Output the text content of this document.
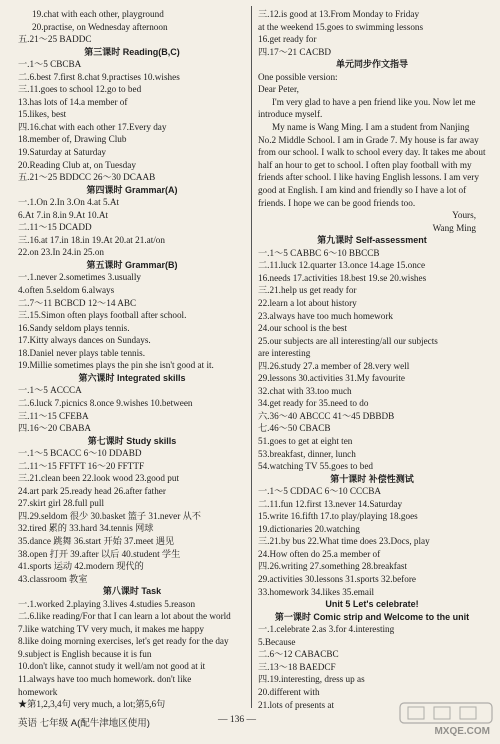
19.chat with each other, playground
20.practise, on Wednesday afternoon
五.21～25 BADDC
第三课时 Reading(B,C)
一.1～5 CBCBA
二.6.best 7.first 8.chat 9.practises 10.wishes
三.11.goes to school 12.go to bed
13.has lots of 14.a member of
15.likes, best
四.16.chat with each other 17.Every day
18.member of, Drawing Club
19.Saturday at Saturday
20.Reading Club at, on Tuesday
五.21～25 BDDCC 26～30 DCAAB
第四课时 Grammar(A)
一.1.On 2.In 3.On 4.at 5.At
6.At 7.in 8.in 9.At 10.At
二.11～15 DCADD
三.16.at 17.in 18.in 19.At 20.at 21.at/on
22.on 23.In 24.in 25.on
第五课时 Grammar(B)
一.1.never 2.sometimes 3.usually
4.often 5.seldom 6.always
二.7～11 BCBCD 12～14 ABC
三.15.Simon often plays football after school.
16.Sandy seldom plays tennis.
17.Kitty always dances on Sundays.
18.Daniel never plays table tennis.
19.Millie sometimes plays the pin she isn't good at it.
第六课时 Integrated skills
一.1～5 ACCCA
二.6.luck 7.picnics 8.once 9.wishes 10.between
三.11～15 CFEBA
四.16～20 CBABA
第七课时 Study skills
一.1～5 BCACC 6～10 DDABD
二.11～15 FFTFT 16～20 FFTTF
三.21.clean been 22.look wood 23.good put
24.art park 25.ready head 26.after father
27.skirt girl 28.full pull
四.29.seldom 很少 30.basket 篮子 31.never 从不
32.tired 累的 33.hard 34.tennis 网球
35.dance 跳舞 36.start 开始 37.meet 遇见
38.open 打开 39.after 以后 40.student 学生
41.sports 运动 42.modern 现代的
43.classroom 教室
第八课时 Task
一.1.worked 2.playing 3.lives 4.studies 5.reason
二.6.like reading/For that I can learn a lot about the world
7.like watching TV very much, it makes me happy
8.like doing morning exercises, let's get ready for the day
9.subject is English because it is fun
10.don't like, cannot study it well/am not good at it
11.always have too much homework. don't like
homework
★第1,2,3,4句 very much, a lot;第5,6句
三.12.is good at 13.From Monday to Friday
at the weekend 15.goes to swimming lessons
16.get ready for
四.17～21 CACBD
单元同步作文指导
One possible version:
Dear Peter,
I'm very glad to have a pen friend like you. Now let me introduce myself.
My name is Wang Ming. I am a student from Nanjing No.2 Middle School. I am in Grade 7. My house is far away from our school. I walk to school every day. It takes me about half an hour to get to school. I often play football with my friends after school. I like having English lessons. I am very good at English. I am kind and friendly so I have a lot of friends. I hope we can be good friends too.
Yours,
Wang Ming
第九课时 Self-assessment
一.1～5 CABBC 6～10 BBCCB
二.11.luck 12.quarter 13.once 14.age 15.once
16.needs 17.activities 18.best 19.se 20.wishes
三.21.help us get ready for
22.learn a lot about history
23.always have too much homework
24.our school is the best
25.our subjects are all interesting/all our subjects
are interesting
四.26.study 27.a member of 28.very well
29.lessons 30.activities 31.My favourite
32.chat with 33.too much
34.get ready for 35.need to do
六.36～40 ABCCC 41～45 DBBDB
七.46～50 CBACB
51.goes to get at eight ten
53.breakfast, dinner, lunch
54.watching TV 55.goes to bed
第十课时 补偿性测试
一.1～5 CDDAC 6～10 CCCBA
二.11.fun 12.first 13.never 14.Saturday
15.write 16.fifth 17.to play/playing 18.goes
19.dictionaries 20.watching
三.21.by bus 22.What time does 23.Docs, play
24.How often do 25.a member of
四.26.writing 27.something 28.breakfast
29.activities 30.lessons 31.sports 32.before
33.homework 34.likes 35.email
Unit 5 Let's celebrate!
第一课时 Comic strip and Welcome to the unit
一.1.celebrate 2.as 3.for 4.interesting
5.Because
二.6～12 CABACBC
三.13～18 BAEDCF
四.19.interesting, dress up as
20.different with
21.lots of presents at
英语 七年级 A(配牛津地区使用)	— 136 —
MXQE.COM
